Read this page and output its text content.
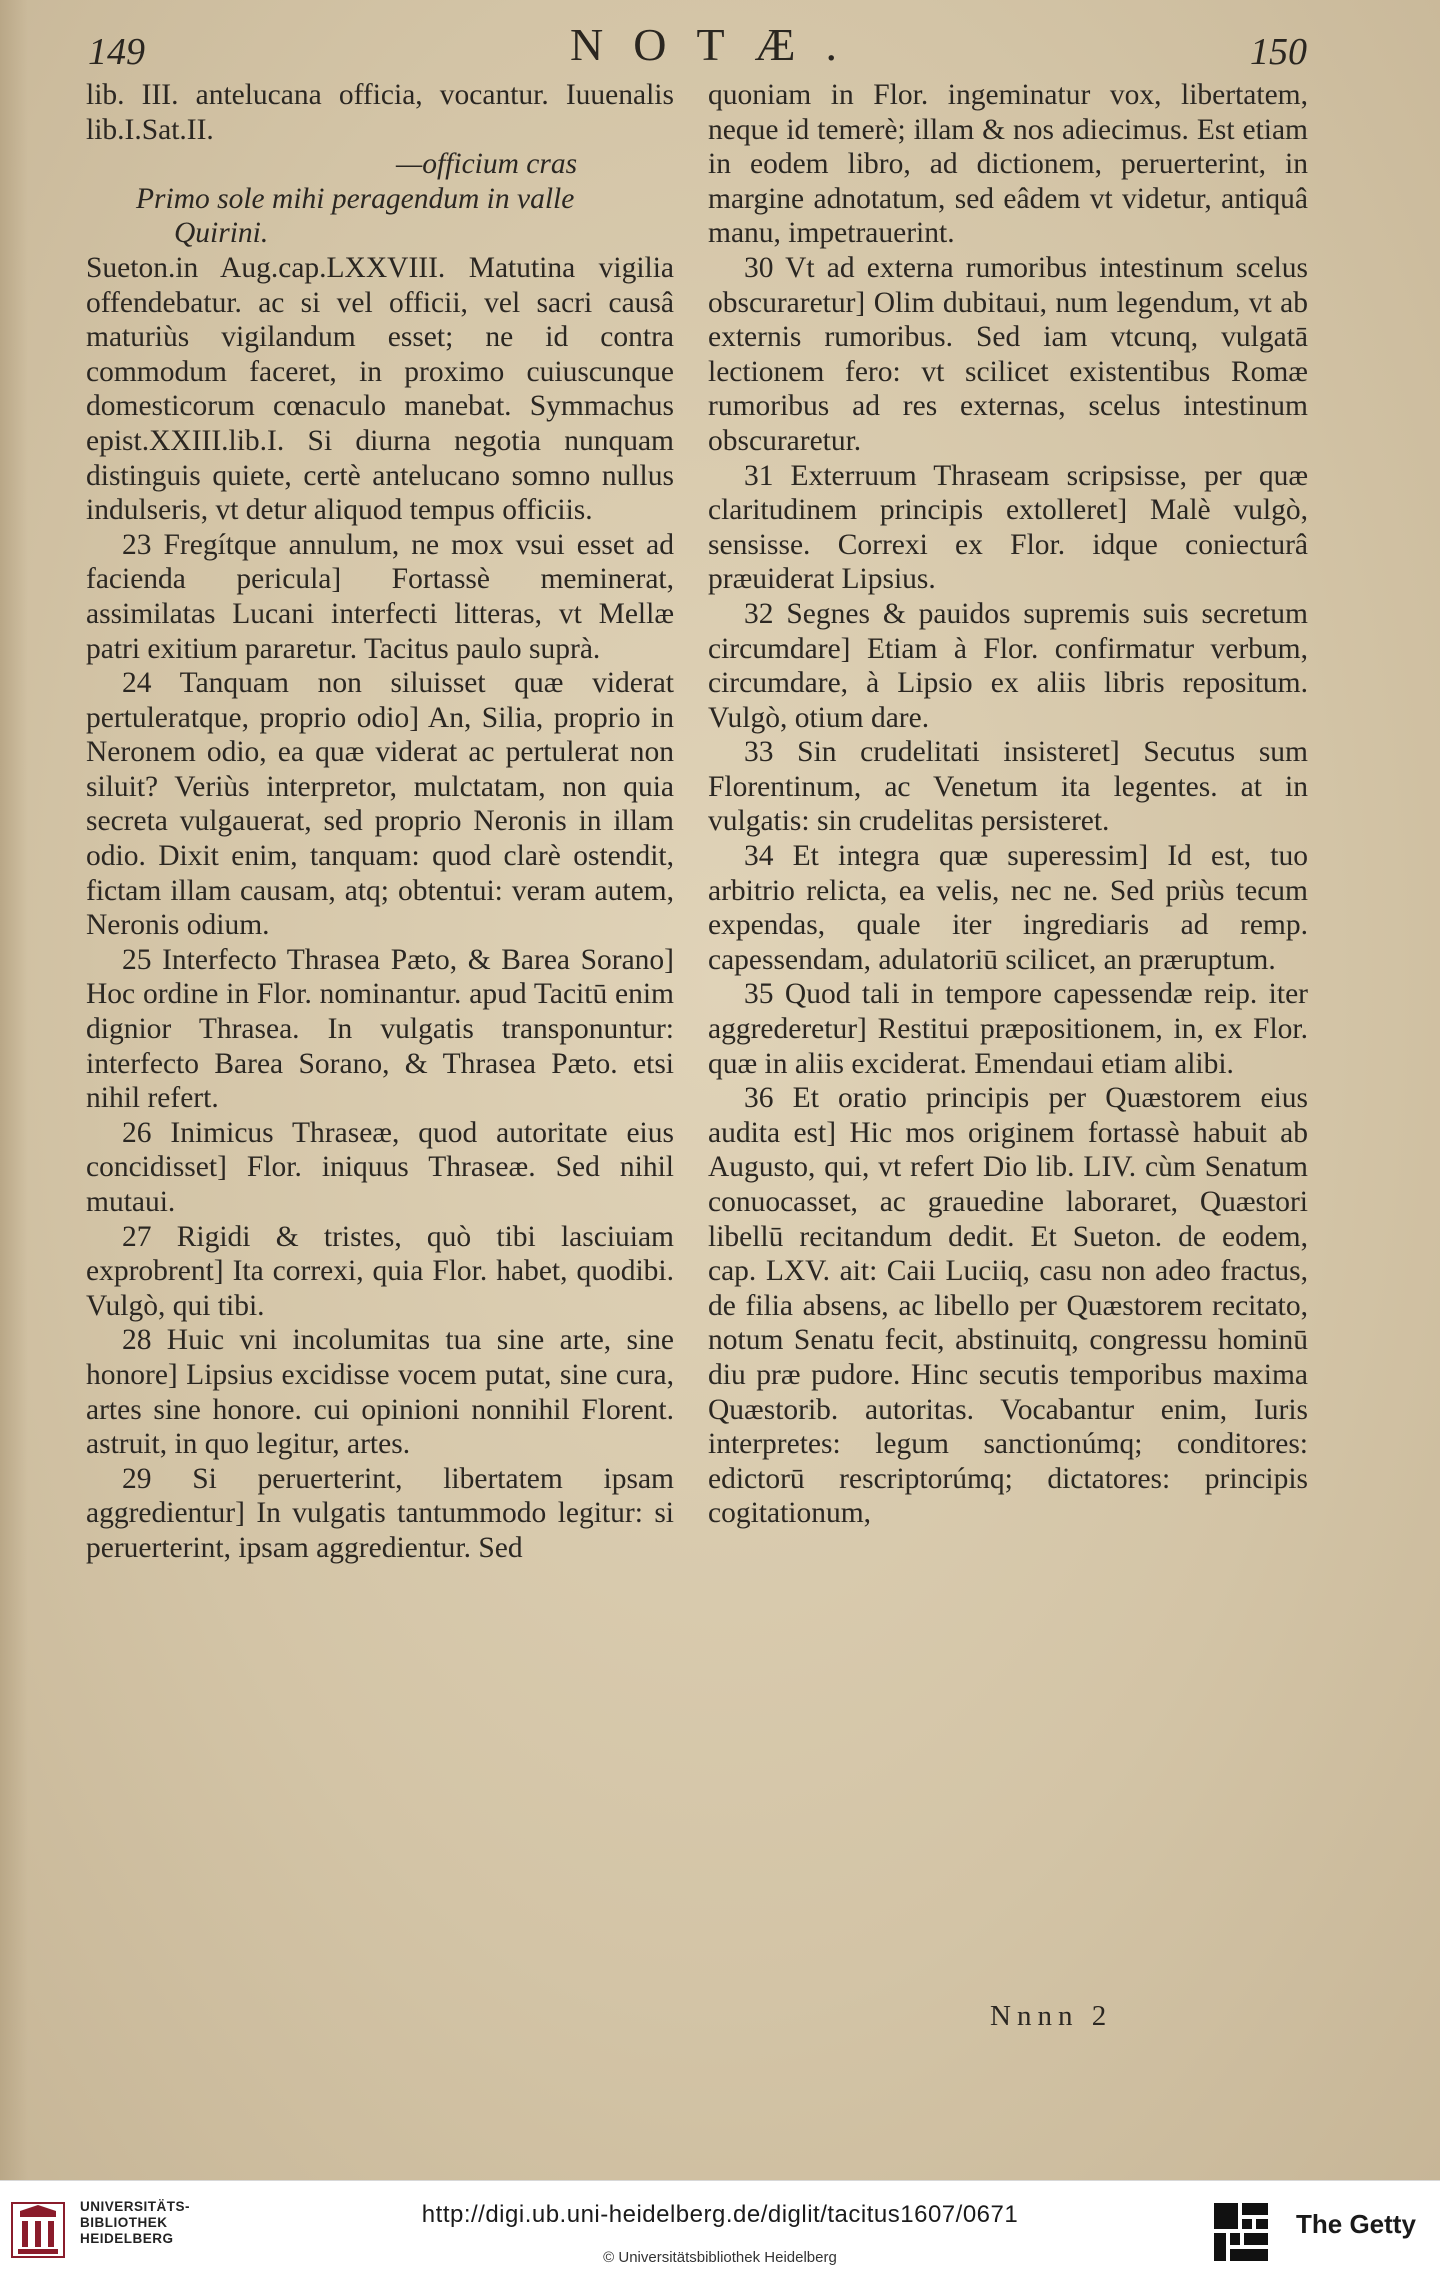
149	NOTÆ.	150

lib. III. antelucana officia, vocantur. Iuuenalis lib.I.Sat.II.

—officium cras

Primo sole mihi peragendum in valle

Quirini.

Sueton.in Aug.cap.LXXVIII. Matutina vigilia offendebatur. ac si vel officii, vel sacri causâ maturiùs vigilandum esset; ne id contra commodum faceret, in proximo cuiuscunque domesticorum cœnaculo manebat. Symmachus epist.XXIII.lib.I. Si diurna negotia nunquam distinguis quiete, certè antelucano somno nullus indulseris, vt detur aliquod tempus officiis.

23 Fregítque annulum, ne mox vsui esset ad facienda pericula] Fortassè meminerat, assimilatas Lucani interfecti litteras, vt Mellæ patri exitium pararetur. Tacitus paulo suprà.

24 Tanquam non siluisset quæ viderat pertuleratque, proprio odio] An, Silia, proprio in Neronem odio, ea quæ viderat ac pertulerat non siluit? Veriùs interpretor, mulctatam, non quia secreta vulgauerat, sed proprio Neronis in illam odio. Dixit enim, tanquam: quod clarè ostendit, fictam illam causam, atq; obtentui: veram autem, Neronis odium.

25 Interfecto Thrasea Pæto, & Barea Sorano] Hoc ordine in Flor. nominantur. apud Tacitū enim dignior Thrasea. In vulgatis transponuntur: interfecto Barea Sorano, & Thrasea Pæto. etsi nihil refert.

26 Inimicus Thraseæ, quod autoritate eius concidisset] Flor. iniquus Thraseæ. Sed nihil mutaui.

27 Rigidi & tristes, quò tibi lasciuiam exprobrent] Ita correxi, quia Flor. habet, quodibi. Vulgò, qui tibi.

28 Huic vni incolumitas tua sine arte, sine honore] Lipsius excidisse vocem putat, sine cura, artes sine honore. cui opinioni nonnihil Florent. astruit, in quo legitur, artes.

29 Si peruerterint, libertatem ipsam aggredientur] In vulgatis tantummodo legitur: si peruerterint, ipsam aggredientur. Sed

quoniam in Flor. ingeminatur vox, libertatem, neque id temerè; illam & nos adiecimus. Est etiam in eodem libro, ad dictionem, peruerterint, in margine adnotatum, sed eâdem vt videtur, antiquâ manu, impetrauerint.

30 Vt ad externa rumoribus intestinum scelus obscuraretur] Olim dubitaui, num legendum, vt ab externis rumoribus. Sed iam vtcunq, vulgatā lectionem fero: vt scilicet existentibus Romæ rumoribus ad res externas, scelus intestinum obscuraretur.

31 Exterruum Thraseam scripsisse, per quæ claritudinem principis extolleret] Malè vulgò, sensisse. Correxi ex Flor. idque coniecturâ præuiderat Lipsius.

32 Segnes & pauidos supremis suis secretum circumdare] Etiam à Flor. confirmatur verbum, circumdare, à Lipsio ex aliis libris repositum. Vulgò, otium dare.

33 Sin crudelitati insisteret] Secutus sum Florentinum, ac Venetum ita legentes. at in vulgatis: sin crudelitas persisteret.

34 Et integra quæ superessim] Id est, tuo arbitrio relicta, ea velis, nec ne. Sed priùs tecum expendas, quale iter ingrediaris ad remp. capessendam, adulatoriū scilicet, an præruptum.

35 Quod tali in tempore capessendæ reip. iter aggrederetur] Restitui præpositionem, in, ex Flor. quæ in aliis exciderat. Emendaui etiam alibi.

36 Et oratio principis per Quæstorem eius audita est] Hic mos originem fortassè habuit ab Augusto, qui, vt refert Dio lib. LIV. cùm Senatum conuocasset, ac grauedine laboraret, Quæstori libellū recitandum dedit. Et Sueton. de eodem, cap. LXV. ait: Caii Luciiq, casu non adeo fractus, de filia absens, ac libello per Quæstorem recitato, notum Senatu fecit, abstinuitq, congressu hominū diu præ pudore. Hinc secutis temporibus maxima Quæstorib. autoritas. Vocabantur enim, Iuris interpretes: legum sanctionúmq; conditores: edictorū rescriptorúmq; dictatores: principis cogitationum,

Nnnn 2
UNIVERSITÄTS-
BIBLIOTHEK
HEIDELBERG
http://digi.ub.uni-heidelberg.de/diglit/tacitus1607/0671
© Universitätsbibliothek Heidelberg
The Getty
